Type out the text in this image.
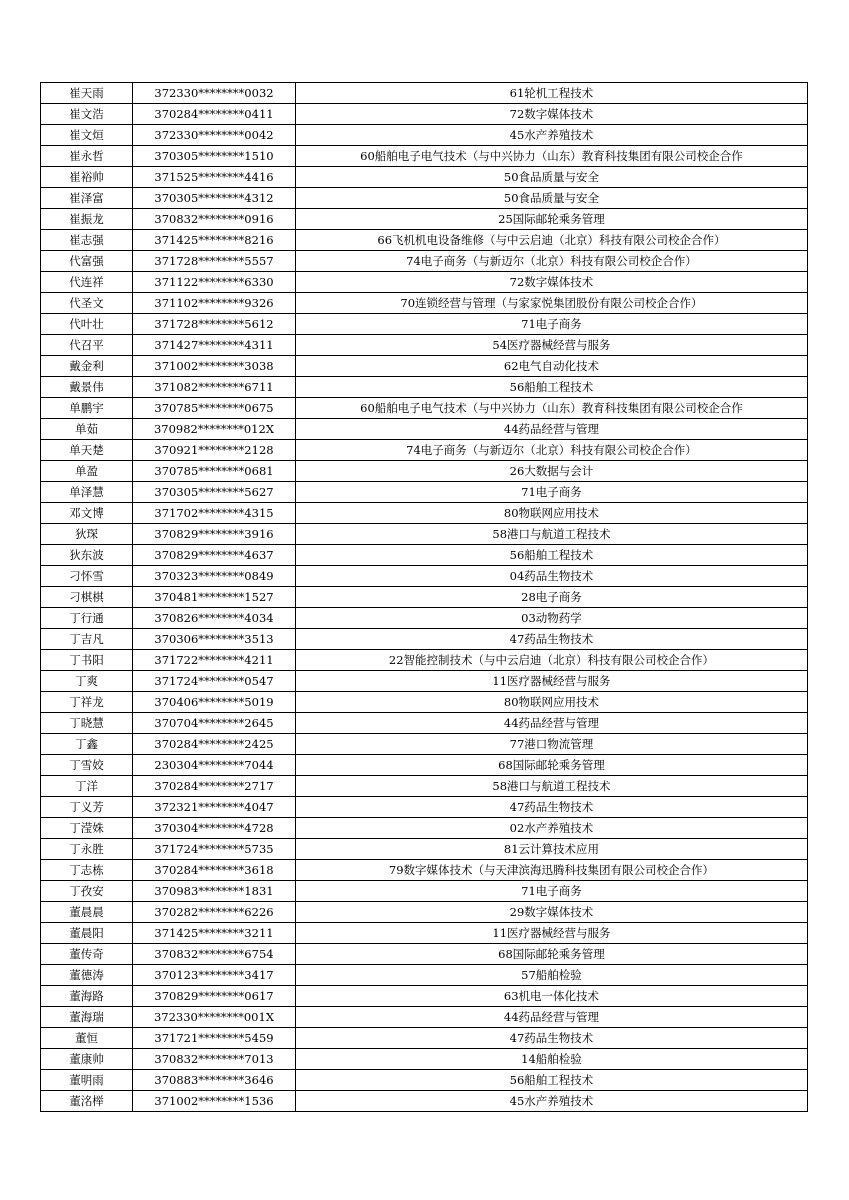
崔天雨	372330********0032	61轮机工程技术
崔文浩	370284********0411	72数字媒体技术
崔文烜	372330********0042	45水产养殖技术
崔永哲	370305********1510	60船舶电子电气技术（与中兴协力（山东）教育科技集团有限公司校企合作
崔裕帅	371525********4416	50食品质量与安全
崔泽富	370305********4312	50食品质量与安全
崔振龙	370832********0916	25国际邮轮乘务管理
崔志强	371425********8216	66飞机机电设备维修（与中云启迪（北京）科技有限公司校企合作）
代富强	371728********5557	74电子商务（与新迈尔（北京）科技有限公司校企合作）
代连祥	371122********6330	72数字媒体技术
代圣文	371102********9326	70连锁经营与管理（与家家悦集团股份有限公司校企合作）
代叶壮	371728********5612	71电子商务
代召平	371427********4311	54医疗器械经营与服务
戴金利	371002********3038	62电气自动化技术
戴景伟	371082********6711	56船舶工程技术
单鹏宇	370785********0675	60船舶电子电气技术（与中兴协力（山东）教育科技集团有限公司校企合作
单茹	370982********012X	44药品经营与管理
单天楚	370921********2128	74电子商务（与新迈尔（北京）科技有限公司校企合作）
单盈	370785********0681	26大数据与会计
单泽慧	370305********5627	71电子商务
邓文博	371702********4315	80物联网应用技术
狄琛	370829********3916	58港口与航道工程技术
狄东波	370829********4637	56船舶工程技术
刁怀雪	370323********0849	04药品生物技术
刁棋棋	370481********1527	28电子商务
丁行通	370826********4034	03动物药学
丁吉凡	370306********3513	47药品生物技术
丁书阳	371722********4211	22智能控制技术（与中云启迪（北京）科技有限公司校企合作）
丁爽	371724********0547	11医疗器械经营与服务
丁祥龙	370406********5019	80物联网应用技术
丁晓慧	370704********2645	44药品经营与管理
丁鑫	370284********2425	77港口物流管理
丁雪姣	230304********7044	68国际邮轮乘务管理
丁洋	370284********2717	58港口与航道工程技术
丁义芳	372321********4047	47药品生物技术
丁滢姝	370304********4728	02水产养殖技术
丁永胜	371724********5735	81云计算技术应用
丁志栋	370284********3618	79数字媒体技术（与天津滨海迅腾科技集团有限公司校企合作）
丁孜安	370983********1831	71电子商务
董晨晨	370282********6226	29数字媒体技术
董晨阳	371425********3211	11医疗器械经营与服务
董传奇	370832********6754	68国际邮轮乘务管理
董德涛	370123********3417	57船舶检验
董海路	370829********0617	63机电一体化技术
董海瑞	372330********001X	44药品经营与管理
董恒	371721********5459	47药品生物技术
董康帅	370832********7013	14船舶检验
董明雨	370883********3646	56船舶工程技术
董洺榉	371002********1536	45水产养殖技术
